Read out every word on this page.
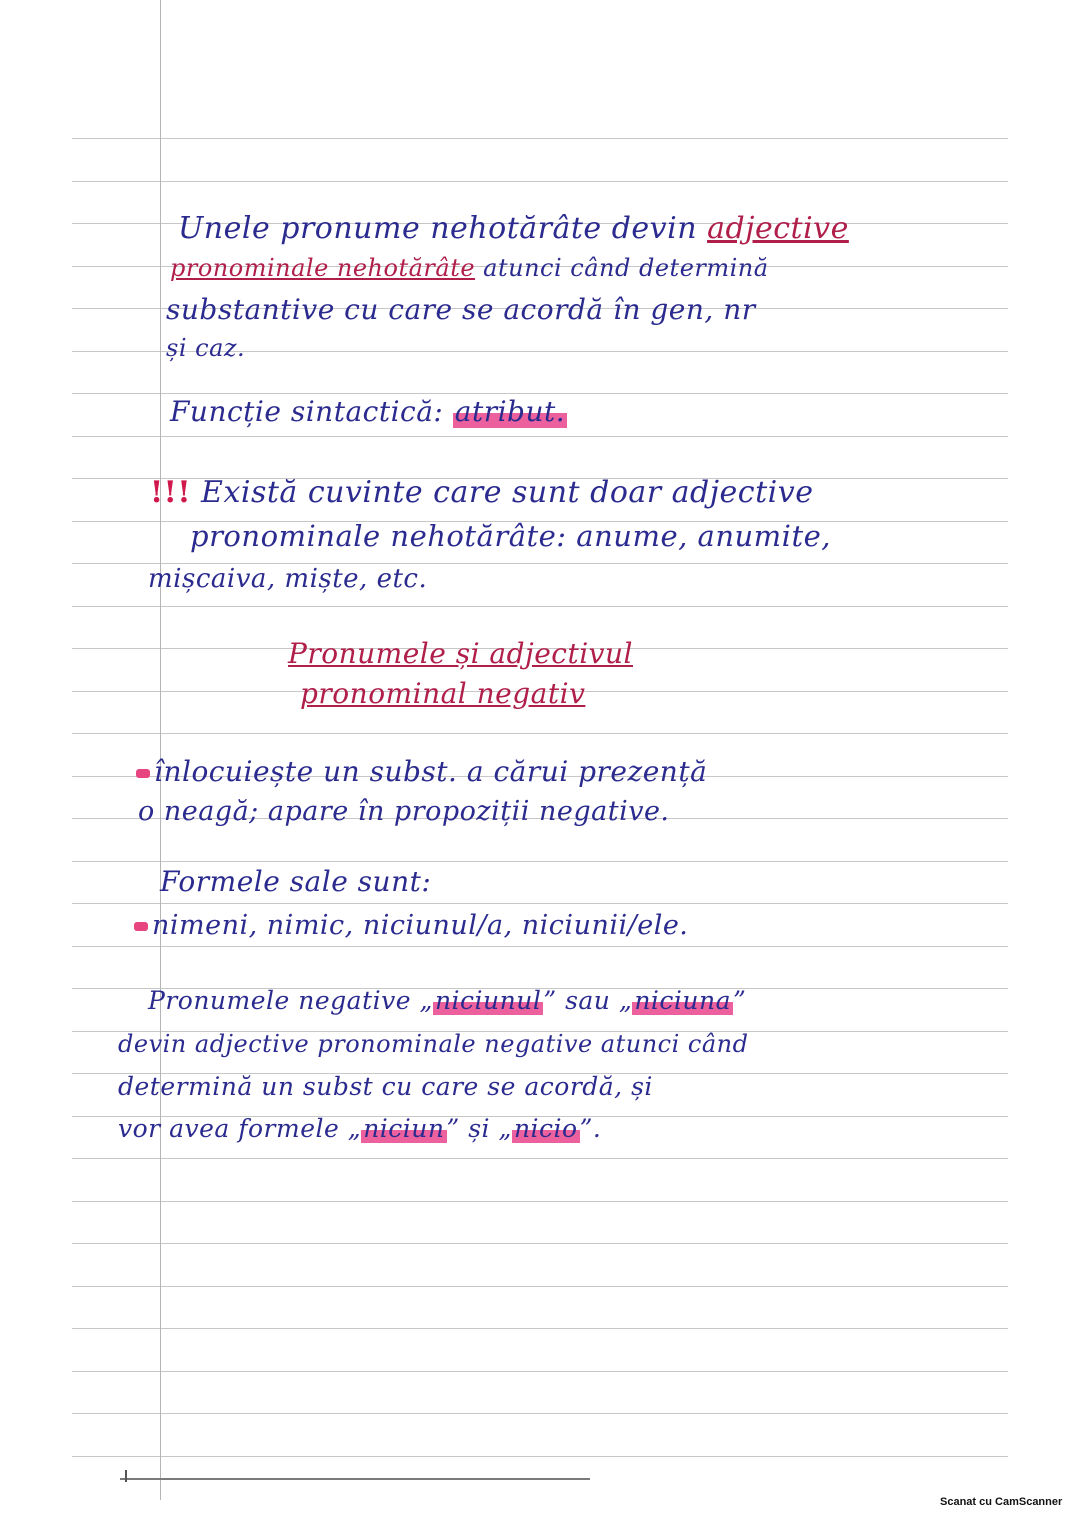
Unele pronume nehotărâte devin adjective
pronominale nehotărâte atunci când determină
substantive cu care se acordă în gen, nr
și caz.
Funcție sintactică: atribut.
!!! Există cuvinte care sunt doar adjective
pronominale nehotărâte: anume, anumite,
mișcaiva, miște, etc.
Pronumele și adjectivul
pronominal negativ
înlocuiește un subst. a cărui prezență
o neagă; apare în propoziții negative.
Formele sale sunt:
nimeni, nimic, niciunul/a, niciunii/ele.
Pronumele negative „niciunul” sau „niciuna”
devin adjective pronominale negative atunci când
determină un subst cu care se acordă, și
vor avea formele „niciun” și „nicio”.
Scanat cu CamScanner
